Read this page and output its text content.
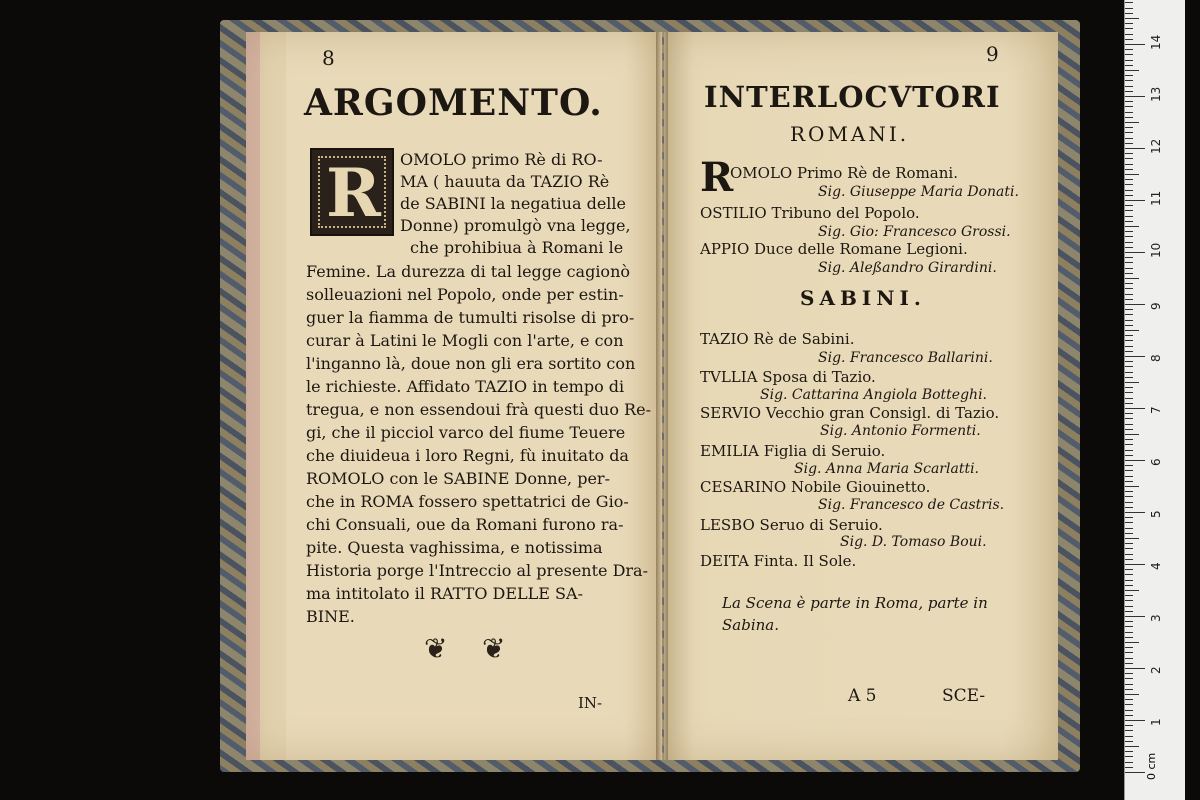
8
ARGOMENTO.
R OMOLO primo Rè di RO-
MA ( hauuta da TAZIO Rè
de SABINI la negatiua delle
Donne) promulgò vna legge,
che prohibiua à Romani le
Femine. La durezza di tal legge cagionò
solleuazioni nel Popolo, onde per estin-
guer la fiamma de tumulti risolse di pro-
curar à Latini le Mogli con l'arte, e con
l'inganno là, doue non gli era sortito con
le richieste. Affidato TAZIO in tempo di
tregua, e non essendoui frà questi duo Re-
gi, che il picciol varco del fiume Teuere
che diuideua i loro Regni, fù inuitato da
ROMOLO con le SABINE Donne, per-
che in ROMA fossero spettatrici de Gio-
chi Consuali, oue da Romani furono ra-
pite. Questa vaghissima, e notissima
Historia porge l'Intreccio al presente Dra-
ma intitolato il RATTO DELLE SA-
BINE.
❦ ❦
IN-
9
INTERLOCVTORI
ROMANI.
R
OMOLO Primo Rè de Romani.
Sig. Giuseppe Maria Donati.
OSTILIO Tribuno del Popolo.
Sig. Gio: Francesco Grossi.
APPIO Duce delle Romane Legioni.
Sig. Aleßandro Girardini.
SABINI.
TAZIO Rè de Sabini.
Sig. Francesco Ballarini.
TVLLIA Sposa di Tazio.
Sig. Cattarina Angiola Botteghi.
SERVIO Vecchio gran Consigl. di Tazio.
Sig. Antonio Formenti.
EMILIA Figlia di Seruio.
Sig. Anna Maria Scarlatti.
CESARINO Nobile Giouinetto.
Sig. Francesco de Castris.
LESBO Seruo di Seruio.
Sig. D. Tomaso Boui.
DEITA Finta. Il Sole.
La Scena è parte in Roma, parte in
Sabina.
A 5	SCE-
0 cm
1
2
3
4
5
6
7
8
9
10
11
12
13
14
